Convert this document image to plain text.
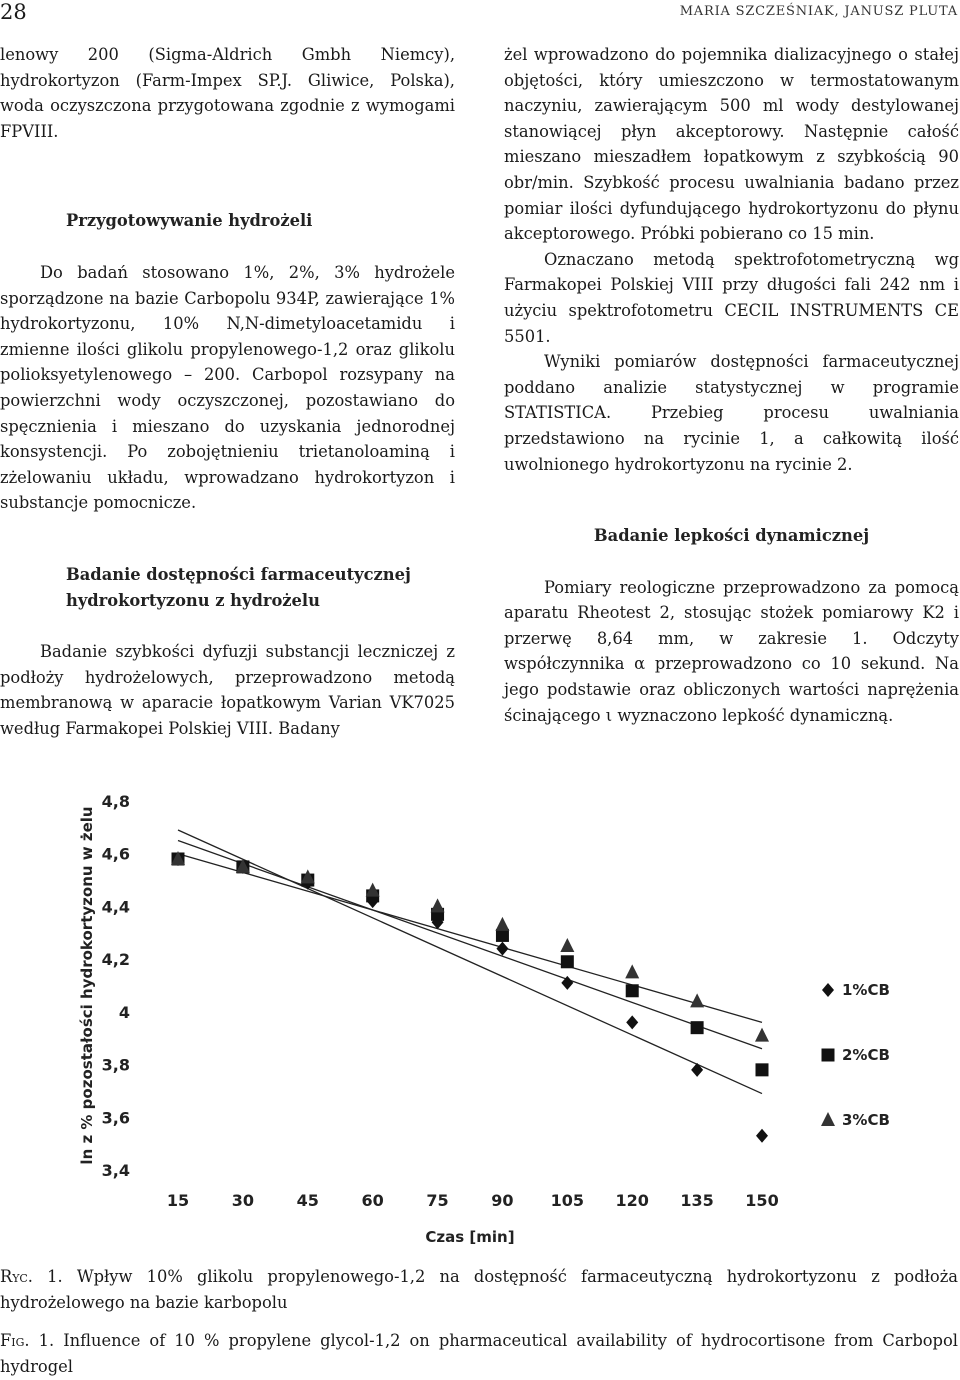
28	MARIA SZCZEŚNIAK, JANUSZ PLUTA

lenowy 200 (Sigma-Aldrich Gmbh Niemcy), hydrokortyzon (Farm-Impex SP.J. Gliwice, Polska), woda oczyszczona przygotowana zgodnie z wymogami FPVIII.

Przygotowywanie hydrożeli

Do badań stosowano 1%, 2%, 3% hydrożele sporządzone na bazie Carbopolu 934P, zawierające 1% hydrokortyzonu, 10% N,N-dimetyloacetamidu i zmienne ilości glikolu propylenowego-1,2 oraz glikolu polioksyetylenowego – 200. Carbopol rozsypany na powierzchni wody oczyszczonej, pozostawiano do spęcznienia i mieszano do uzyskania jednorodnej konsystencji. Po zobojętnieniu trietanoloaminą i zżelowaniu układu, wprowadzano hydrokortyzon i substancje pomocnicze.

Badanie dostępności farmaceutycznej
hydrokortyzonu z hydrożelu

Badanie szybkości dyfuzji substancji leczniczej z podłoży hydrożelowych, przeprowadzono metodą membranową w aparacie łopatkowym Varian VK7025 według Farmakopei Polskiej VIII. Badany

żel wprowadzono do pojemnika dializacyjnego o stałej objętości, który umieszczono w termostatowanym naczyniu, zawierającym 500 ml wody destylowanej stanowiącej płyn akceptorowy. Następnie całość mieszano mieszadłem łopatkowym z szybkością 90 obr/min. Szybkość procesu uwalniania badano przez pomiar ilości dyfundującego hydrokortyzonu do płynu akceptorowego. Próbki pobierano co 15 min.

Oznaczano metodą spektrofotometryczną wg Farmakopei Polskiej VIII przy długości fali 242 nm i użyciu spektrofotometru CECIL INSTRUMENTS CE 5501.

Wyniki pomiarów dostępności farmaceutycznej poddano analizie statystycznej w programie STATISTICA. Przebieg procesu uwalniania przedstawiono na rycinie 1, a całkowitą ilość uwolnionego hydrokortyzonu na rycinie 2.

Badanie lepkości dynamicznej

Pomiary reologiczne przeprowadzono za pomocą aparatu Rheotest 2, stosując stożek pomiarowy K2 i przerwę 8,64 mm, w zakresie 1. Odczyty współczynnika α przeprowadzono co 10 sekund. Na jego podstawie oraz obliczonych wartości naprężenia ścinającego ι wyznaczono lepkość dynamiczną.

3,4
3,6
3,8
4
4,2
4,4
4,6
4,8
15	30	45	60	75	90 105 120 135 150
Czas [min]
ln z % pozostałości hydrokortyzonu w żelu	1%CB
2%CB
3%CB
Ryc. 1. Wpływ 10% glikolu propylenowego-1,2 na dostępność farmaceutyczną hydrokortyzonu z podłoża hydrożelowego na bazie karbopolu
Fig. 1. Influence of 10 % propylene glycol-1,2 on pharmaceutical availability of hydrocortisone from Carbopol hydrogel
